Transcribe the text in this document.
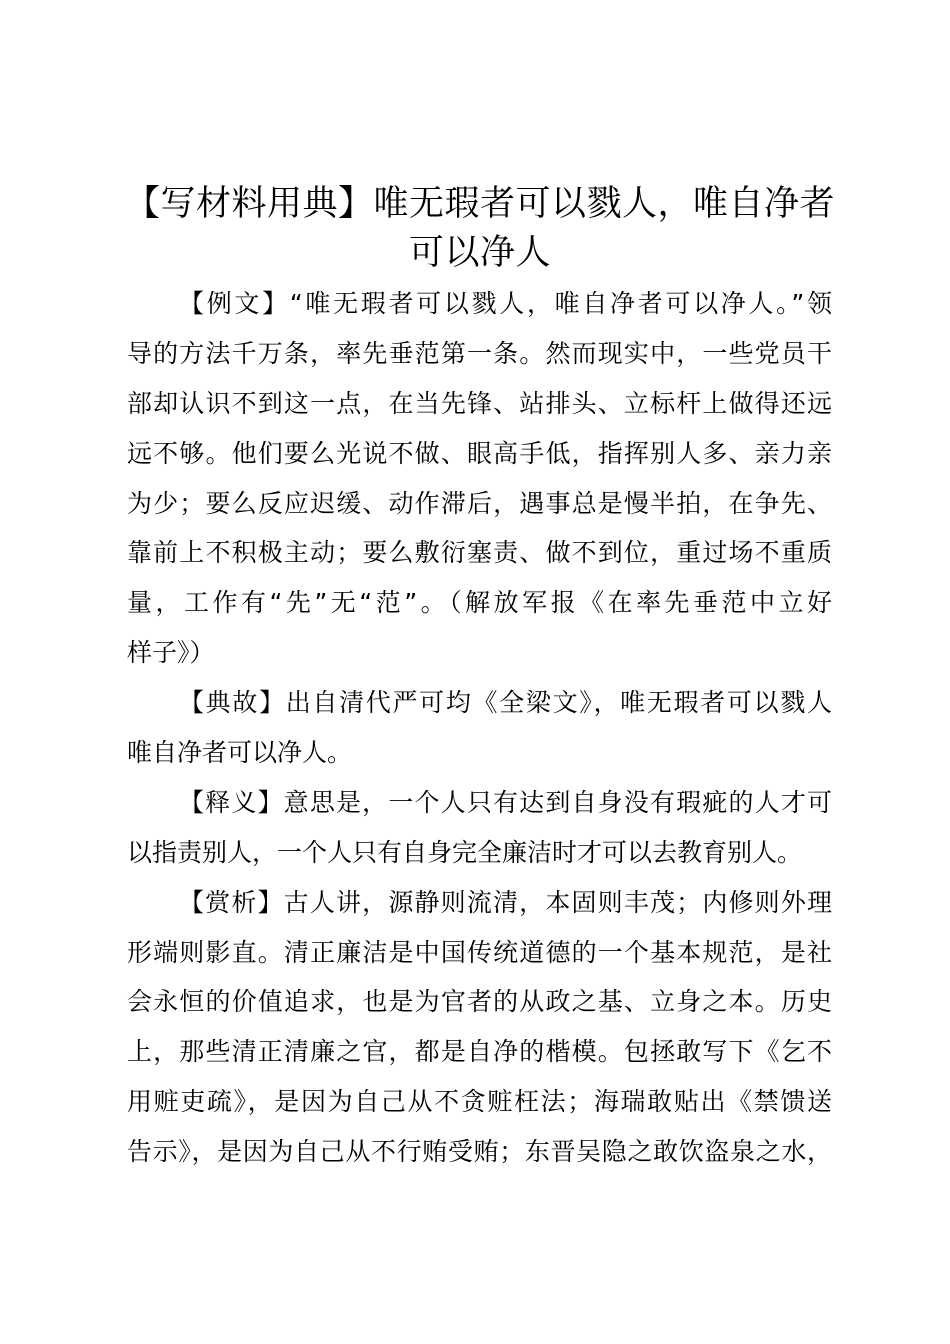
【写材料用典】唯无瑕者可以戮人，唯自净者
可以净人
【例文】“唯无瑕者可以戮人，唯自净者可以净人。”领
导的方法千万条，率先垂范第一条。然而现实中，一些党员干
部却认识不到这一点，在当先锋、站排头、立标杆上做得还远
远不够。他们要么光说不做、眼高手低，指挥别人多、亲力亲
为少；要么反应迟缓、动作滞后，遇事总是慢半拍，在争先、
靠前上不积极主动；要么敷衍塞责、做不到位，重过场不重质
量，工作有“先”无“范”。（解放军报《在率先垂范中立好
样子》）
【典故】出自清代严可均《全梁文》，唯无瑕者可以戮人
唯自净者可以净人。
【释义】意思是，一个人只有达到自身没有瑕疵的人才可
以指责别人，一个人只有自身完全廉洁时才可以去教育别人。
【赏析】古人讲，源静则流清，本固则丰茂；内修则外理
形端则影直。清正廉洁是中国传统道德的一个基本规范，是社
会永恒的价值追求，也是为官者的从政之基、立身之本。历史
上，那些清正清廉之官，都是自净的楷模。包拯敢写下《乞不
用赃吏疏》，是因为自己从不贪赃枉法；海瑞敢贴出《禁馈送
告示》，是因为自己从不行贿受贿；东晋吴隐之敢饮盗泉之水，
